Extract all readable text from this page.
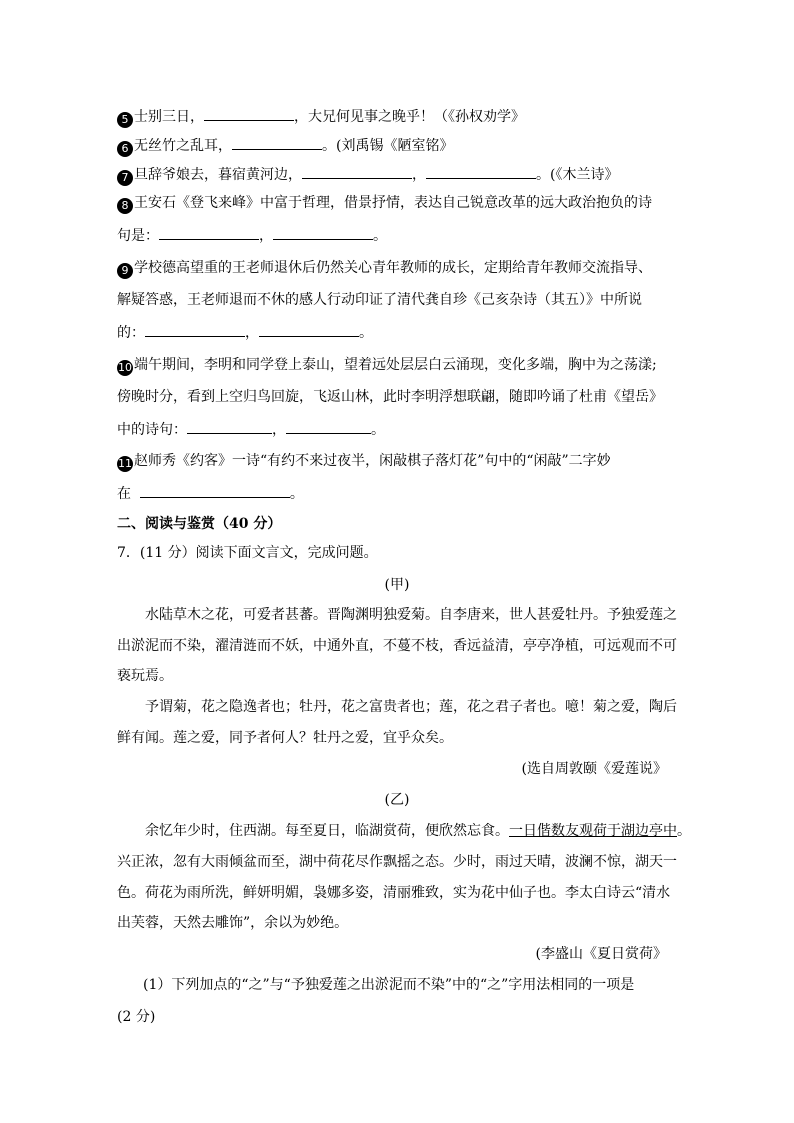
5 士别三日，	，大兄何见事之晚乎！（《孙权劝学》
6 无丝竹之乱耳，	。(刘禹锡《陋室铭》
7 旦辞爷娘去，暮宿黄河边，	，	。(《木兰诗》
8 王安石《登飞来峰》中富于哲理，借景抒情，表达自己锐意改革的远大政治抱负的诗
句是：	，	。
9 学校德高望重的王老师退休后仍然关心青年教师的成长，定期给青年教师交流指导、
解疑答惑，王老师退而不休的感人行动印证了清代龚自珍《己亥杂诗（其五）》中所说
的：	，	。
10 端午期间，李明和同学登上泰山，望着远处层层白云涌现，变化多端，胸中为之荡漾;
傍晚时分，看到上空归鸟回旋，飞返山林，此时李明浮想联翩，随即吟诵了杜甫《望岳》
中的诗句：	，	。
11 赵师秀《约客》一诗“有约不来过夜半，闲敲棋子落灯花”句中的“闲敲”二字妙
在	。
二、阅读与鉴赏（40 分）
7．(11 分）阅读下面文言文，完成问题。
(甲)
水陆草木之花，可爱者甚蕃。晋陶渊明独爱菊。自李唐来，世人甚爱牡丹。予独爱莲之
出淤泥而不染，濯清涟而不妖，中通外直，不蔓不枝，香远益清，亭亭净植，可远观而不可
亵玩焉。
予谓菊，花之隐逸者也；牡丹，花之富贵者也；莲，花之君子者也。噫！菊之爱，陶后
鲜有闻。莲之爱，同予者何人？牡丹之爱，宜乎众矣。
(选自周敦颐《爱莲说》
(乙)
余忆年少时，住西湖。每至夏日，临湖赏荷，便欣然忘食。一日偕数友观荷于湖边亭中。
兴正浓，忽有大雨倾盆而至，湖中荷花尽作飘摇之态。少时，雨过天晴，波澜不惊，湖天一
色。荷花为雨所洗，鲜妍明媚，袅娜多姿，清丽雅致，实为花中仙子也。李太白诗云“清水
出芙蓉，天然去雕饰”，余以为妙绝。
(李盛山《夏日赏荷》
(1）下列加点的“之”与“予独爱莲之出淤泥而不染”中的“之”字用法相同的一项是
(2 分)
